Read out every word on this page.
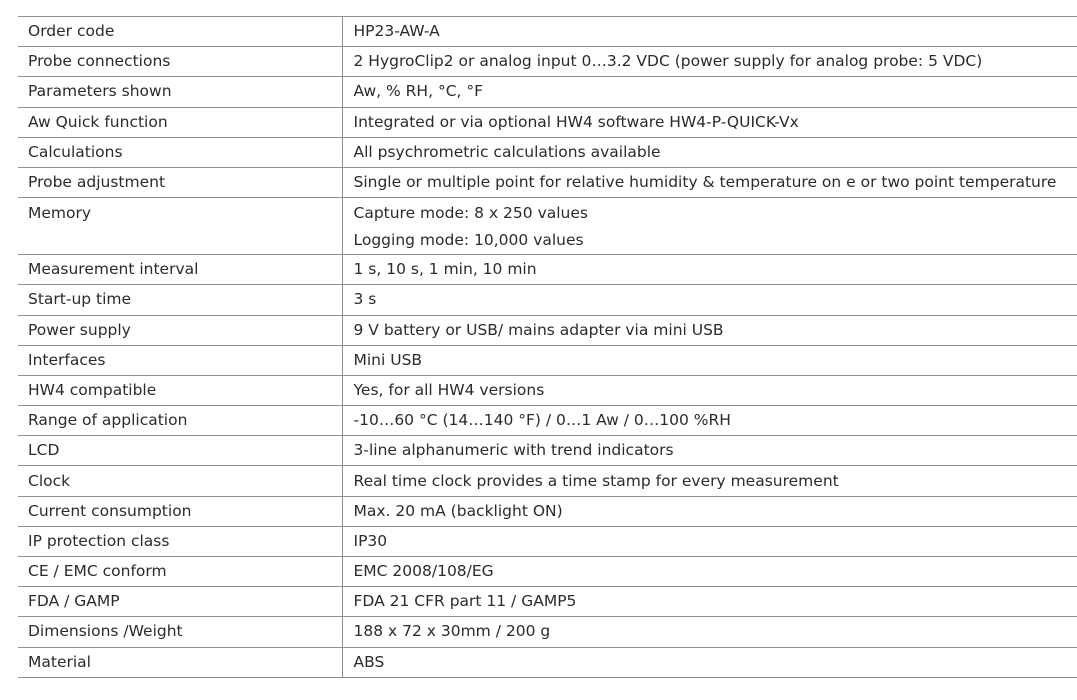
Order code	HP23-AW-A

Probe connections	2 HygroClip2 or analog input 0…3.2 VDC (power supply for analog probe: 5 VDC)

Parameters shown	Aw, % RH, °C, °F

Aw Quick function	Integrated or via optional HW4 software HW4-P-QUICK-Vx

Calculations	All psychrometric calculations available

Probe adjustment	Single or multiple point for relative humidity & temperature on e or two point temperature

Memory	Capture mode: 8 x 250 values
Logging mode: 10,000 values

Measurement interval	1 s, 10 s, 1 min, 10 min

Start-up time	3 s

Power supply	9 V battery or USB/ mains adapter via mini USB

Interfaces	Mini USB

HW4 compatible	Yes, for all HW4 versions

Range of application	-10…60 °C (14…140 °F) / 0…1 Aw / 0…100 %RH

LCD	3-line alphanumeric with trend indicators

Clock	Real time clock provides a time stamp for every measurement

Current consumption	Max. 20 mA (backlight ON)

IP protection class	IP30

CE / EMC conform	EMC 2008/108/EG

FDA / GAMP	FDA 21 CFR part 11 / GAMP5

Dimensions /Weight	188 x 72 x 30mm / 200 g

Material	ABS
